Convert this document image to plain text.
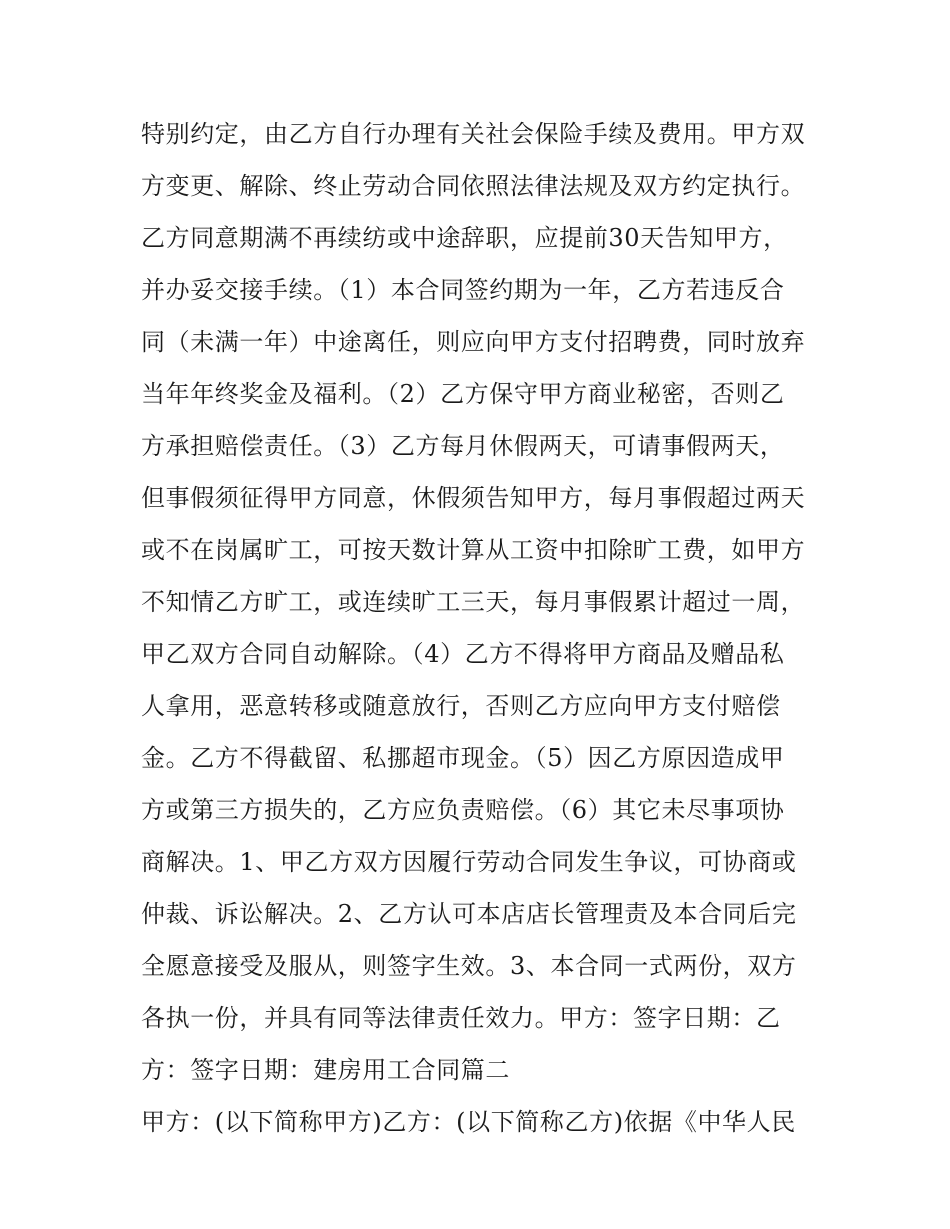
特别约定，由乙方自行办理有关社会保险手续及费用。甲方双
方变更、解除、终止劳动合同依照法律法规及双方约定执行。
乙方同意期满不再续纺或中途辞职，应提前30天告知甲方，
并办妥交接手续。（1）本合同签约期为一年，乙方若违反合
同（未满一年）中途离任，则应向甲方支付招聘费，同时放弃
当年年终奖金及福利。（2）乙方保守甲方商业秘密，否则乙
方承担赔偿责任。（3）乙方每月休假两天，可请事假两天，
但事假须征得甲方同意，休假须告知甲方，每月事假超过两天
或不在岗属旷工，可按天数计算从工资中扣除旷工费，如甲方
不知情乙方旷工，或连续旷工三天，每月事假累计超过一周，
甲乙双方合同自动解除。（4）乙方不得将甲方商品及赠品私
人拿用，恶意转移或随意放行，否则乙方应向甲方支付赔偿
金。乙方不得截留、私挪超市现金。（5）因乙方原因造成甲
方或第三方损失的，乙方应负责赔偿。（6）其它未尽事项协
商解决。1、甲乙方双方因履行劳动合同发生争议，可协商或
仲裁、诉讼解决。2、乙方认可本店店长管理责及本合同后完
全愿意接受及服从，则签字生效。3、本合同一式两份，双方
各执一份，并具有同等法律责任效力。甲方：签字日期：乙
方：签字日期：建房用工合同篇二
甲方：(以下简称甲方)乙方：(以下简称乙方)依据《中华人民
